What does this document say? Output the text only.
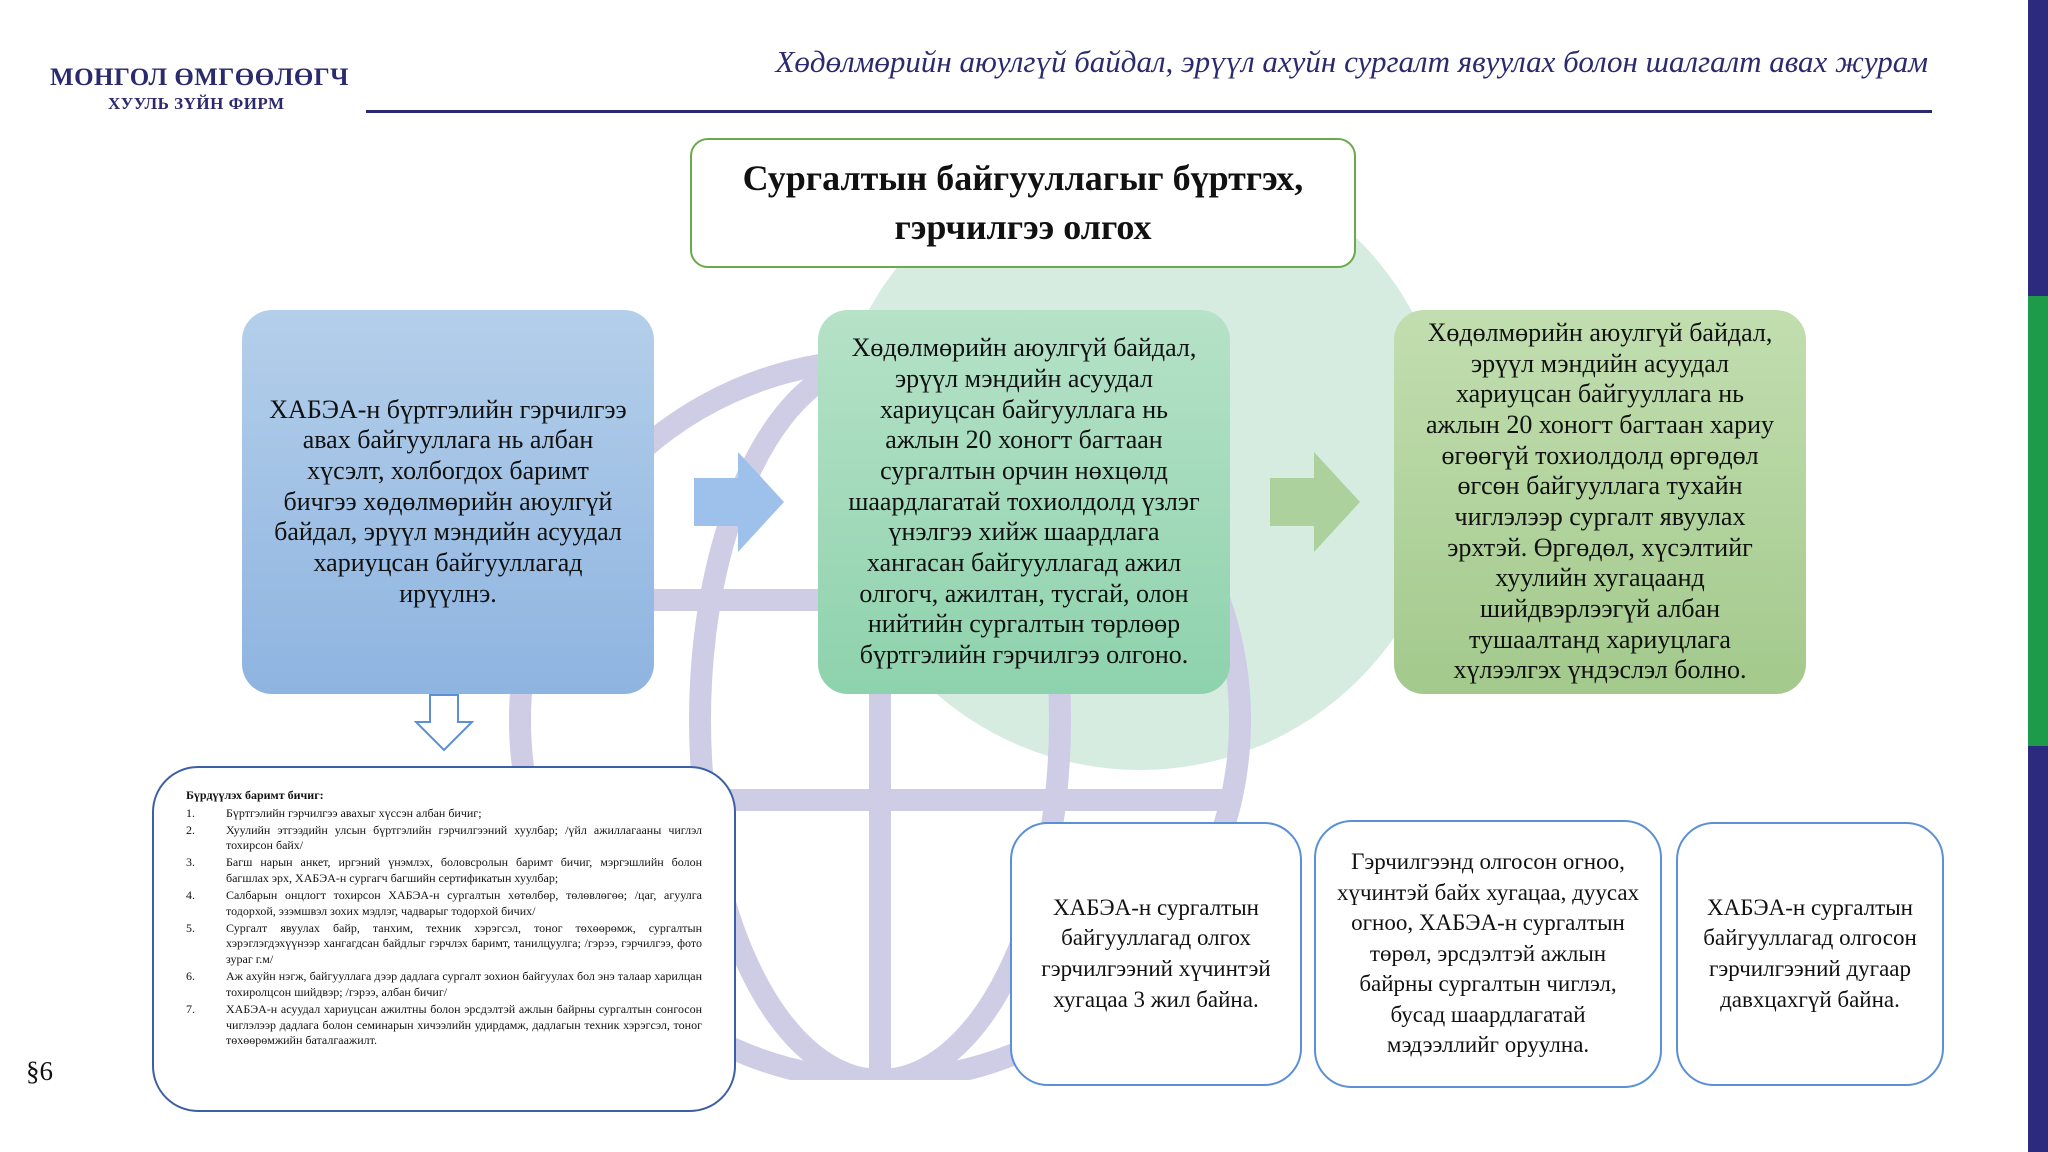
МОНГОЛ ӨМГӨӨЛӨГЧ
ХУУЛЬ ЗҮЙН ФИРМ
Хөдөлмөрийн аюулгүй байдал, эрүүл ахуйн сургалт явуулах болон шалгалт авах журам
Сургалтын байгууллагыг бүртгэх, гэрчилгээ олгох
ХАБЭА-н бүртгэлийн гэрчилгээ авах байгууллага нь албан хүсэлт, холбогдох баримт бичгээ хөдөлмөрийн аюулгүй байдал, эрүүл мэндийн асуудал хариуцсан байгууллагад ирүүлнэ.
Хөдөлмөрийн аюулгүй байдал, эрүүл мэндийн асуудал хариуцсан байгууллага нь ажлын 20 хоногт багтаан сургалтын орчин нөхцөлд шаардлагатай тохиолдолд үзлэг үнэлгээ хийж шаардлага хангасан байгууллагад ажил олгогч, ажилтан, тусгай, олон нийтийн сургалтын төрлөөр бүртгэлийн гэрчилгээ олгоно.
Хөдөлмөрийн аюулгүй байдал, эрүүл мэндийн асуудал хариуцсан байгууллага нь ажлын 20 хоногт багтаан хариу өгөөгүй тохиолдолд өргөдөл өгсөн байгууллага тухайн чиглэлээр сургалт явуулах эрхтэй. Өргөдөл, хүсэлтийг хуулийн хугацаанд шийдвэрлээгүй албан тушаалтанд хариуцлага хүлээлгэх үндэслэл болно.
Бүрдүүлэх баримт бичиг:
1.	Бүртгэлийн гэрчилгээ авахыг хүссэн албан бичиг;
2.	Хуулийн этгээдийн улсын бүртгэлийн гэрчилгээний хуулбар; /үйл ажиллагааны чиглэл тохирсон байх/
3.	Багш нарын анкет, иргэний үнэмлэх, боловсролын баримт бичиг, мэргэшлийн болон багшлах эрх, ХАБЭА-н сургагч багшийн сертификатын хуулбар;
4.	Салбарын онцлогт тохирсон ХАБЭА-н сургалтын хөтөлбөр, төлөвлөгөө; /цаг, агуулга тодорхой, эзэмшвэл зохих мэдлэг, чадварыг тодорхой бичих/
5.	Сургалт явуулах байр, танхим, техник хэрэгсэл, тоног төхөөрөмж, сургалтын хэрэглэгдэхүүнээр хангагдсан байдлыг гэрчлэх баримт, танилцуулга; /гэрээ, гэрчилгээ, фото зураг г.м/
6.	Аж ахуйн нэгж, байгууллага дээр дадлага сургалт зохион байгуулах бол энэ талаар харилцан тохиролцсон шийдвэр; /гэрээ, албан бичиг/
7.	ХАБЭА-н асуудал хариуцсан ажилтны болон эрсдэлтэй ажлын байрны сургалтын сонгосон чиглэлээр дадлага болон семинарын хичээлийн удирдамж, дадлагын техник хэрэгсэл, тоног төхөөрөмжийн баталгаажилт.
ХАБЭА-н сургалтын байгууллагад олгох гэрчилгээний хүчинтэй хугацаа 3 жил байна.
Гэрчилгээнд олгосон огноо, хүчинтэй байх хугацаа, дуусах огноо, ХАБЭА-н сургалтын төрөл, эрсдэлтэй ажлын байрны сургалтын чиглэл, бусад шаардлагатай мэдээллийг оруулна.
ХАБЭА-н сургалтын байгууллагад олгосон гэрчилгээний дугаар давхцахгүй байна.
§6
